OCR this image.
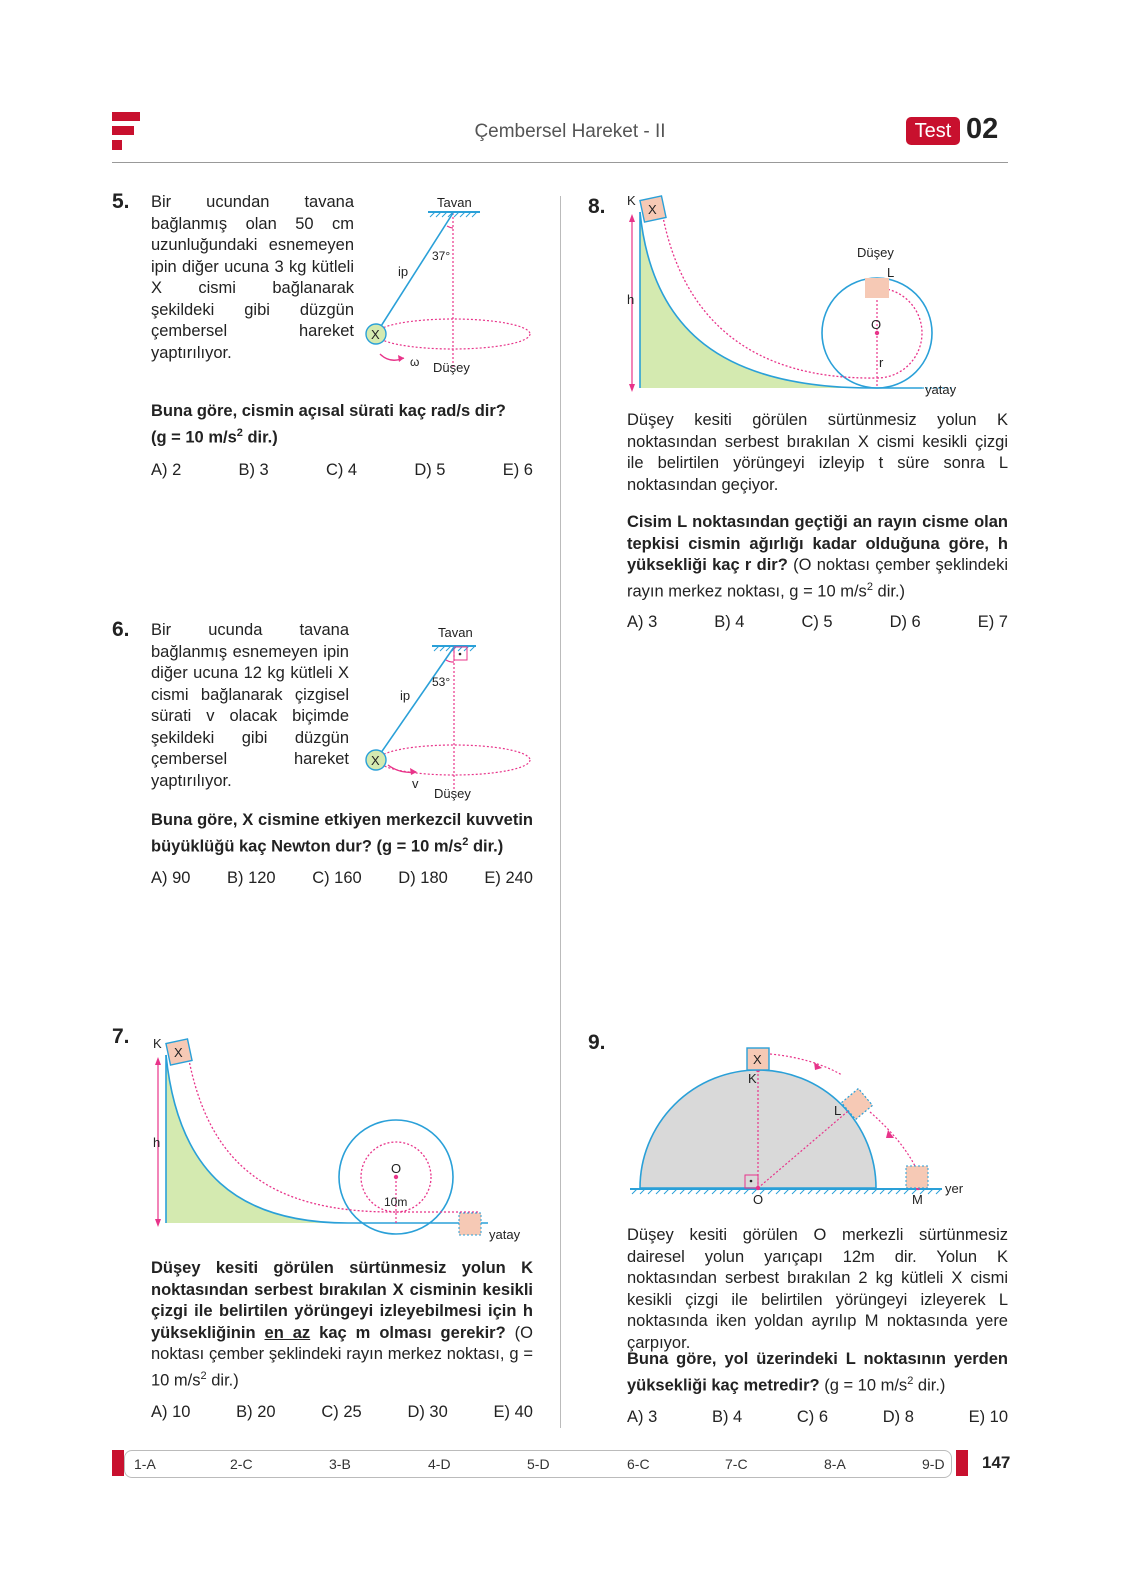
Çembersel Hareket - II	Test 02
5. Bir ucundan tavana bağlanmış olan 50 cm uzunluğundaki esnemeyen ipin diğer ucuna 3 kg kütleli X cismi bağlanarak şekildeki gibi düzgün çembersel hareket yaptırılıyor.
Tavan
37°
ip
X
ω Düşey
Buna göre, cismin açısal sürati kaç rad/s dir?
(g = 10 $m/s^2$ dir.)
A) 2	B) 3	C) 4	D) 5	E) 6
6. Bir ucunda tavana bağlanmış esnemeyen ipin diğer ucuna 12 kg kütleli X cismi bağlanarak çizgisel sürati v olacak biçimde şekildeki gibi düzgün çembersel hareket yaptırılıyor.
Tavan
53°
ip
X
v
Düşey
Buna göre, X cismine etkiyen merkezcil kuvvetin büyüklüğü kaç Newton dur? (g = 10 $m/s^2$ dir.)
A) 90 B) 120 C) 160 D) 180 E) 240
7.
X
K
h
O
10m
yatay
Düşey kesiti görülen sürtünmesiz yolun K noktasından serbest bırakılan X cisminin kesikli çizgi ile belirtilen yörüngeyi izleyebilmesi için h yüksekliğinin en az kaç m olması gerekir? (O noktası çember şeklindeki rayın merkez noktası, g = 10 $m/s^2$ dir.)
A) 10	B) 20	C) 25	D) 30	E) 40
8.	X
K
h
Düşey
L
O
r
yatay
Düşey kesiti görülen sürtünmesiz yolun K noktasından serbest bırakılan X cismi kesikli çizgi ile belirtilen yörüngeyi izleyip t süre sonra L noktasından geçiyor.
Cisim L noktasından geçtiği an rayın cisme olan tepkisi cismin ağırlığı kadar olduğuna göre, h yüksekliği kaç r dir? (O noktası çember şeklindeki rayın merkez noktası, g = 10 $m/s^2$ dir.)
A) 3	B) 4	C) 5	D) 6	E) 7
9.
X
K
L
O	M
yer
Düşey kesiti görülen O merkezli sürtünmesiz dairesel yolun yarıçapı 12m dir. Yolun K noktasından serbest bırakılan 2 kg kütleli X cismi kesikli çizgi ile belirtilen yörüngeyi izleyerek L noktasında iken yoldan ayrılıp M noktasında yere çarpıyor.
Buna göre, yol üzerindeki L noktasının yerden yüksekliği kaç metredir? (g = 10 $m/s^2$ dir.)
A) 3	B) 4	C) 6	D) 8	E) 10
1-A	2-C	3-B	4-D	5-D	6-C	7-C	8-A	9-D 147
